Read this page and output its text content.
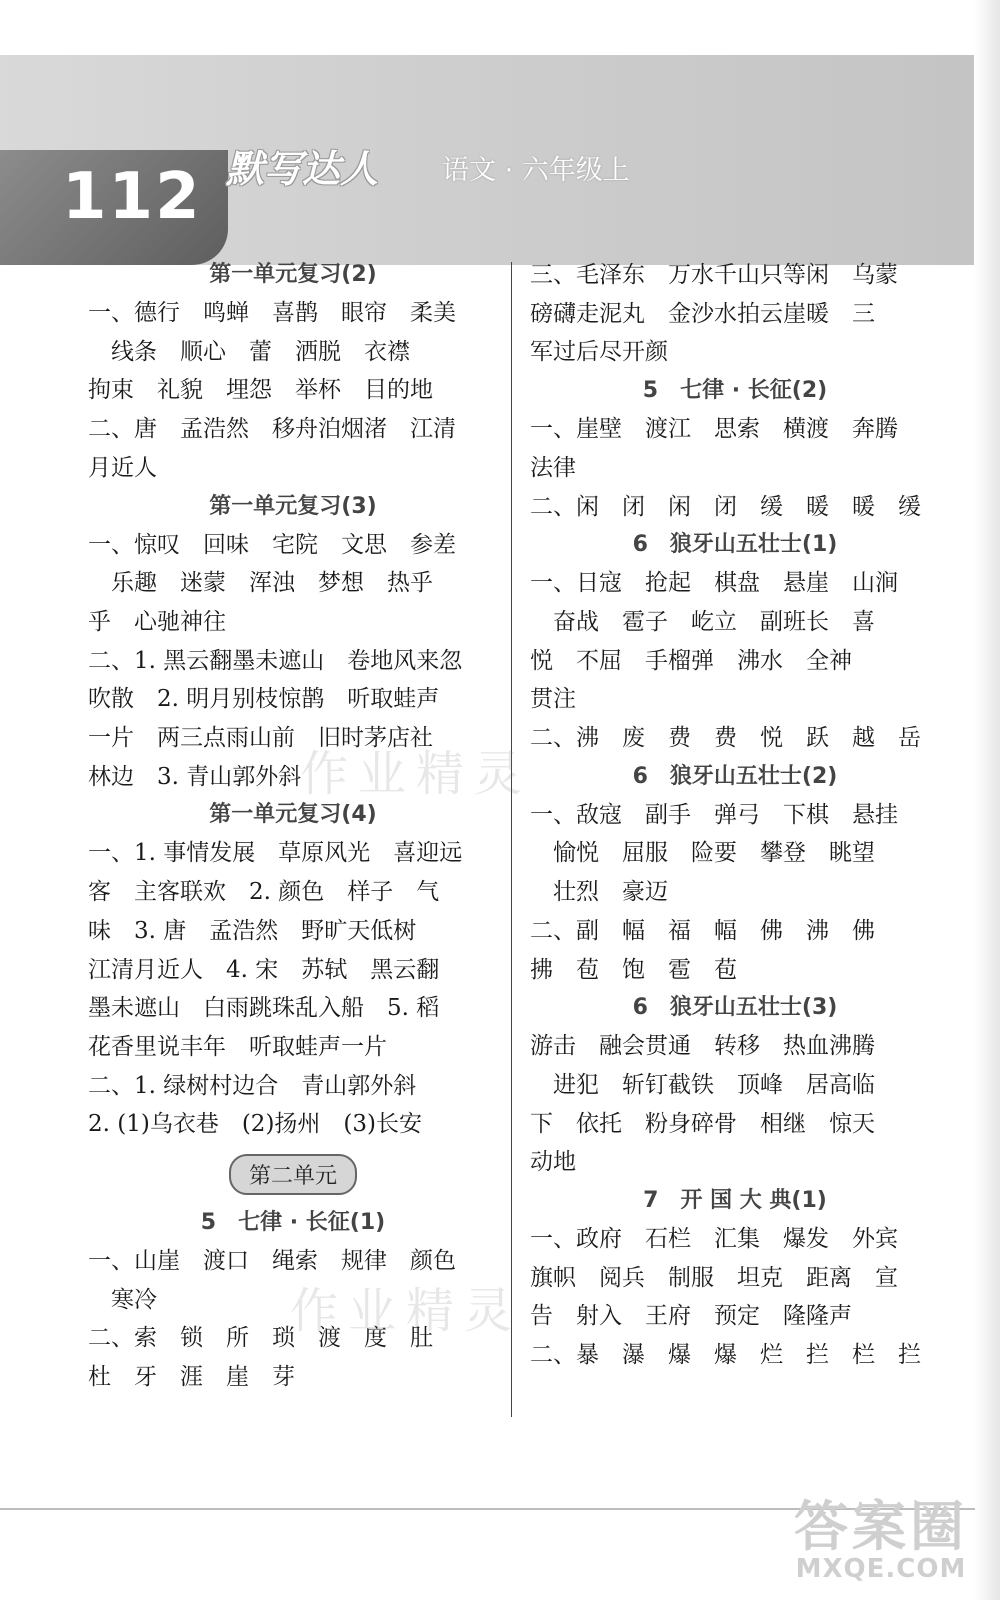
112 默写达人 语文 · 六年级上
作业精灵
作业精灵
第一单元复习(2)
一、德行　鸣蝉　喜鹊　眼帘　柔美
　线条　顺心　蕾　洒脱　衣襟
拘束　礼貌　埋怨　举杯　目的地
二、唐　孟浩然　移舟泊烟渚　江清
月近人
第一单元复习(3)
一、惊叹　回味　宅院　文思　参差
　乐趣　迷蒙　浑浊　梦想　热乎
乎　心驰神往
二、1. 黑云翻墨未遮山　卷地风来忽
吹散　2. 明月别枝惊鹊　听取蛙声
一片　两三点雨山前　旧时茅店社
林边　3. 青山郭外斜
第一单元复习(4)
一、1. 事情发展　草原风光　喜迎远
客　主客联欢　2. 颜色　样子　气
味　3. 唐　孟浩然　野旷天低树
江清月近人　4. 宋　苏轼　黑云翻
墨未遮山　白雨跳珠乱入船　5. 稻
花香里说丰年　听取蛙声一片
二、1. 绿树村边合　青山郭外斜
2. (1)乌衣巷　(2)扬州　(3)长安
第二单元
5　七律 · 长征(1)
一、山崖　渡口　绳索　规律　颜色
　寒冷
二、索　锁　所　琐　渡　度　肚
杜　牙　涯　崖　芽
三、毛泽东　万水千山只等闲　乌蒙
磅礴走泥丸　金沙水拍云崖暖　三
军过后尽开颜
5　七律 · 长征(2)
一、崖壁　渡江　思索　横渡　奔腾
法律
二、闲　闭　闲　闭　缓　暖　暖　缓
6　狼牙山五壮士(1)
一、日寇　抢起　棋盘　悬崖　山涧
　奋战　雹子　屹立　副班长　喜
悦　不屈　手榴弹　沸水　全神
贯注
二、沸　废　费　费　悦　跃　越　岳
6　狼牙山五壮士(2)
一、敌寇　副手　弹弓　下棋　悬挂
　愉悦　屈服　险要　攀登　眺望
　壮烈　豪迈
二、副　幅　福　幅　佛　沸　佛
拂　苞　饱　雹　苞
6　狼牙山五壮士(3)
游击　融会贯通　转移　热血沸腾
　进犯　斩钉截铁　顶峰　居高临
下　依托　粉身碎骨　相继　惊天
动地
7　开 国 大 典(1)
一、政府　石栏　汇集　爆发　外宾
旗帜　阅兵　制服　坦克　距离　宣
告　射入　王府　预定　隆隆声
二、暴　瀑　爆　爆　烂　拦　栏　拦
答案圈
MXQE.COM
